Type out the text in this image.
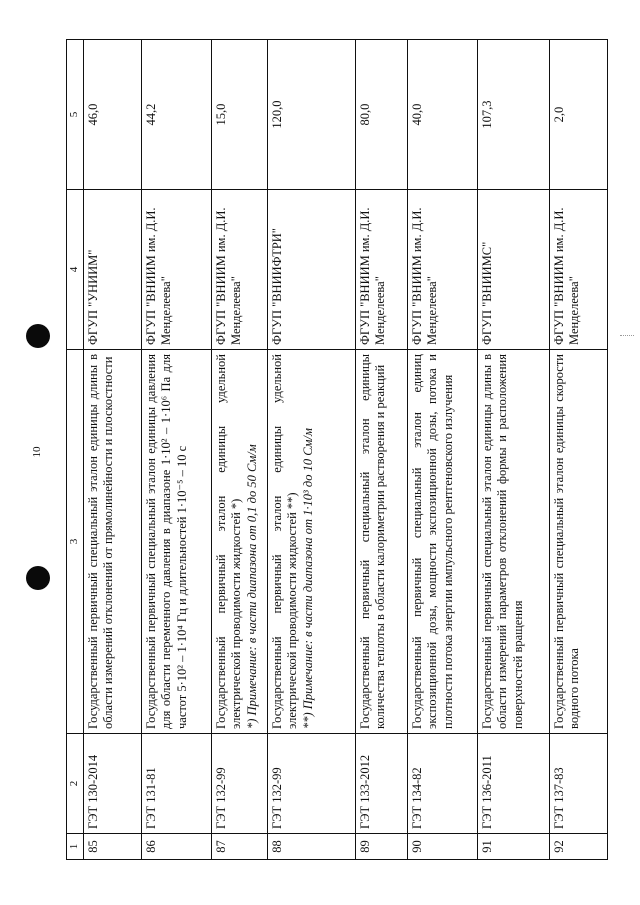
10
1	2	3	4	5
85	ГЭТ 130-2014	Государственный первичный специальный эталон единицы длины в области измерений отклонений от прямолинейности и плоскостности	ФГУП "УНИИМ"	46,0
86	ГЭТ 131-81	Государственный первичный специальный эталон единицы давления для области переменного давления в диапазоне 1·10² – 1·10⁶ Па для частот 5·10² – 1·10⁴ Гц и длительностей 1·10⁻⁵ – 10 с	ФГУП "ВНИИМ им. Д.И. Менделеева"	44,2
87	ГЭТ 132-99	Государственный первичный эталон единицы удельной электрической проводимости жидкостей *) *) Примечание: в части диапазона от 0,1 до 50 См/м	ФГУП "ВНИИМ им. Д.И. Менделеева"	15,0
88	ГЭТ 132-99	Государственный первичный эталон единицы удельной электрической проводимости жидкостей **) **) Примечание: в части диапазона от 1·10³ до 10 См/м	ФГУП "ВНИИФТРИ"	120,0
89	ГЭТ 133-2012	Государственный первичный специальный эталон единицы количества теплоты в области калориметрии растворения и реакций	ФГУП "ВНИИМ им. Д.И. Менделеева"	80,0
90	ГЭТ 134-82	Государственный первичный специальный эталон единиц экспозиционной дозы, мощности экспозиционной дозы, потока и плотности потока энергии импульсного рентгеновского излучения	ФГУП "ВНИИМ им. Д.И. Менделеева"	40,0
91	ГЭТ 136-2011	Государственный первичный специальный эталон единицы длины в области измерений параметров отклонений формы и расположения поверхностей вращения	ФГУП "ВНИИМС"	107,3
92	ГЭТ 137-83	Государственный первичный специальный эталон единицы скорости водного потока	ФГУП "ВНИИМ им. Д.И. Менделеева"	2,0
